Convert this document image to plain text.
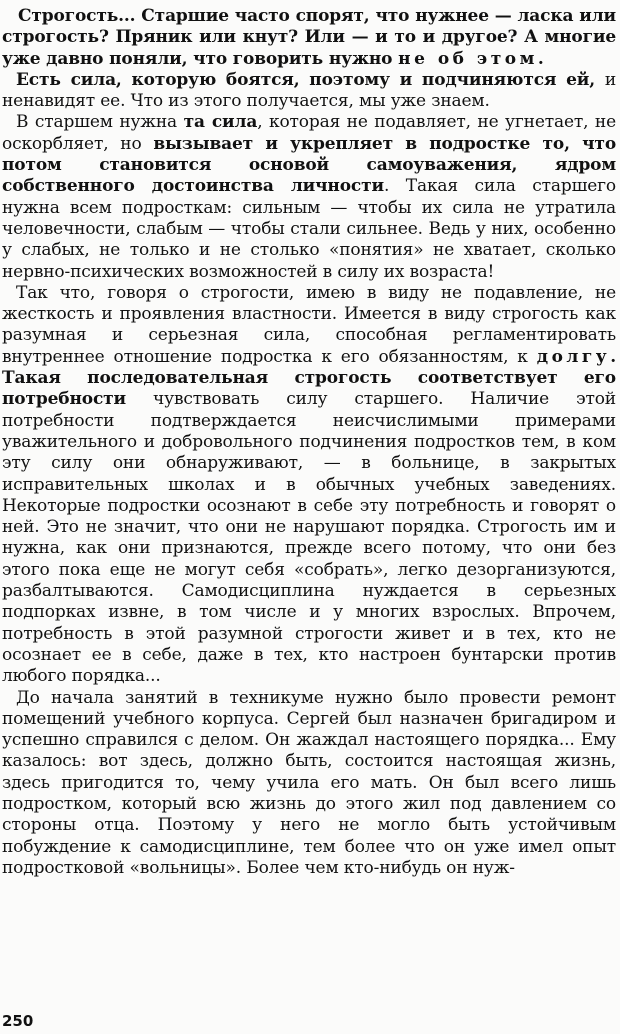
Строгость... Старшие часто спорят, что нужнее — ласка или строгость? Пряник или кнут? Или — и то и другое? А многие уже давно поняли, что говорить нужно не об этом.

Есть сила, которую боятся, поэтому и подчиняются ей, и ненавидят ее. Что из этого получается, мы уже знаем.

В старшем нужна та сила, которая не подавляет, не угнетает, не оскорбляет, но вызывает и укрепляет в подростке то, что потом становится основой самоуважения, ядром собственного достоинства личности. Такая сила старшего нужна всем подросткам: сильным — чтобы их сила не утратила человечности, слабым — чтобы стали сильнее. Ведь у них, особенно у слабых, не только и не столько «понятия» не хватает, сколько нервно-психических возможностей в силу их возраста!

Так что, говоря о строгости, имею в виду не подавление, не жесткость и проявления властности. Имеется в виду строгость как разумная и серьезная сила, способная регламентировать внутреннее отношение подростка к его обязанностям, к долгу. Такая последовательная строгость соответствует его потребности чувствовать силу старшего. Наличие этой потребности подтверждается неисчислимыми примерами уважительного и добровольного подчинения подростков тем, в ком эту силу они обнаруживают, — в больнице, в закрытых исправительных школах и в обычных учебных заведениях. Некоторые подростки осознают в себе эту потребность и говорят о ней. Это не значит, что они не нарушают порядка. Строгость им и нужна, как они признаются, прежде всего потому, что они без этого пока еще не могут себя «собрать», легко дезорганизуются, разбалтываются. Самодисциплина нуждается в серьезных подпорках извне, в том числе и у многих взрослых. Впрочем, потребность в этой разумной строгости живет и в тех, кто не осознает ее в себе, даже в тех, кто настроен бунтарски против любого порядка...

До начала занятий в техникуме нужно было провести ремонт помещений учебного корпуса. Сергей был назначен бригадиром и успешно справился с делом. Он жаждал настоящего порядка... Ему казалось: вот здесь, должно быть, состоится настоящая жизнь, здесь пригодится то, чему учила его мать. Он был всего лишь подростком, который всю жизнь до этого жил под давлением со стороны отца. Поэтому у него не могло быть устойчивым побуждение к самодисциплине, тем более что он уже имел опыт подростковой «вольницы». Более чем кто-нибудь он нуж-

250
